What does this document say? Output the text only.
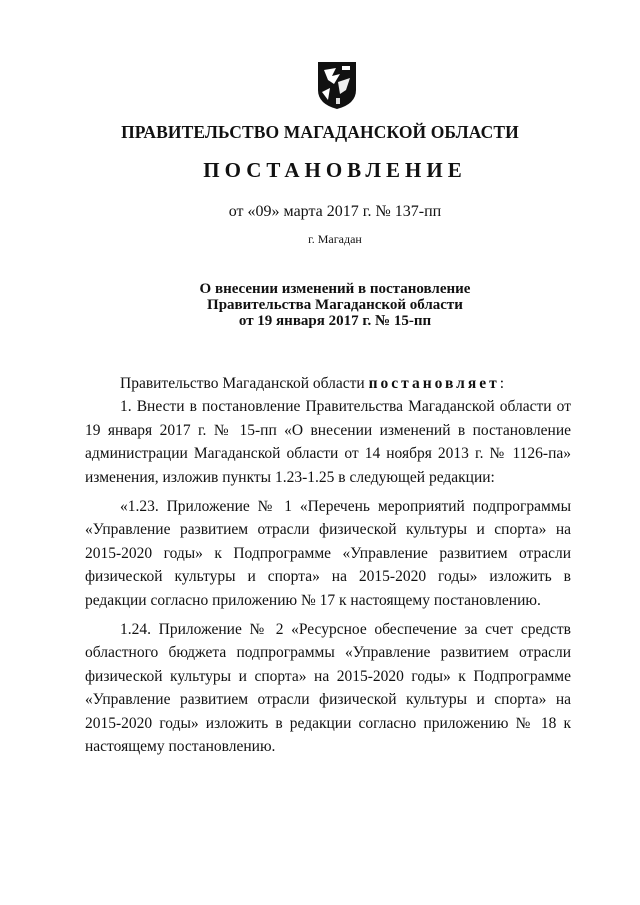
ПРАВИТЕЛЬСТВО МАГАДАНСКОЙ ОБЛАСТИ
ПОСТАНОВЛЕНИЕ
от «09» марта 2017 г. № 137-пп
г. Магадан
О внесении изменений в постановление
Правительства Магаданской области
от 19 января 2017 г. № 15-пп

Правительство Магаданской области постановляет:

1. Внести в постановление Правительства Магаданской области от 19 января 2017 г. № 15-пп «О внесении изменений в постановление администрации Магаданской области от 14 ноября 2013 г. № 1126-па» изменения, изложив пункты 1.23-1.25 в следующей редакции:

«1.23. Приложение № 1 «Перечень мероприятий подпрограммы «Управление развитием отрасли физической культуры и спорта» на 2015-2020 годы» к Подпрограмме «Управление развитием отрасли физической культуры и спорта» на 2015-2020 годы» изложить в редакции согласно приложению № 17 к настоящему постановлению.

1.24. Приложение № 2 «Ресурсное обеспечение за счет средств областного бюджета подпрограммы «Управление развитием отрасли физической культуры и спорта» на 2015-2020 годы» к Подпрограмме «Управление развитием отрасли физической культуры и спорта» на 2015-2020 годы» изложить в редакции согласно приложению № 18 к настоящему постановлению.
